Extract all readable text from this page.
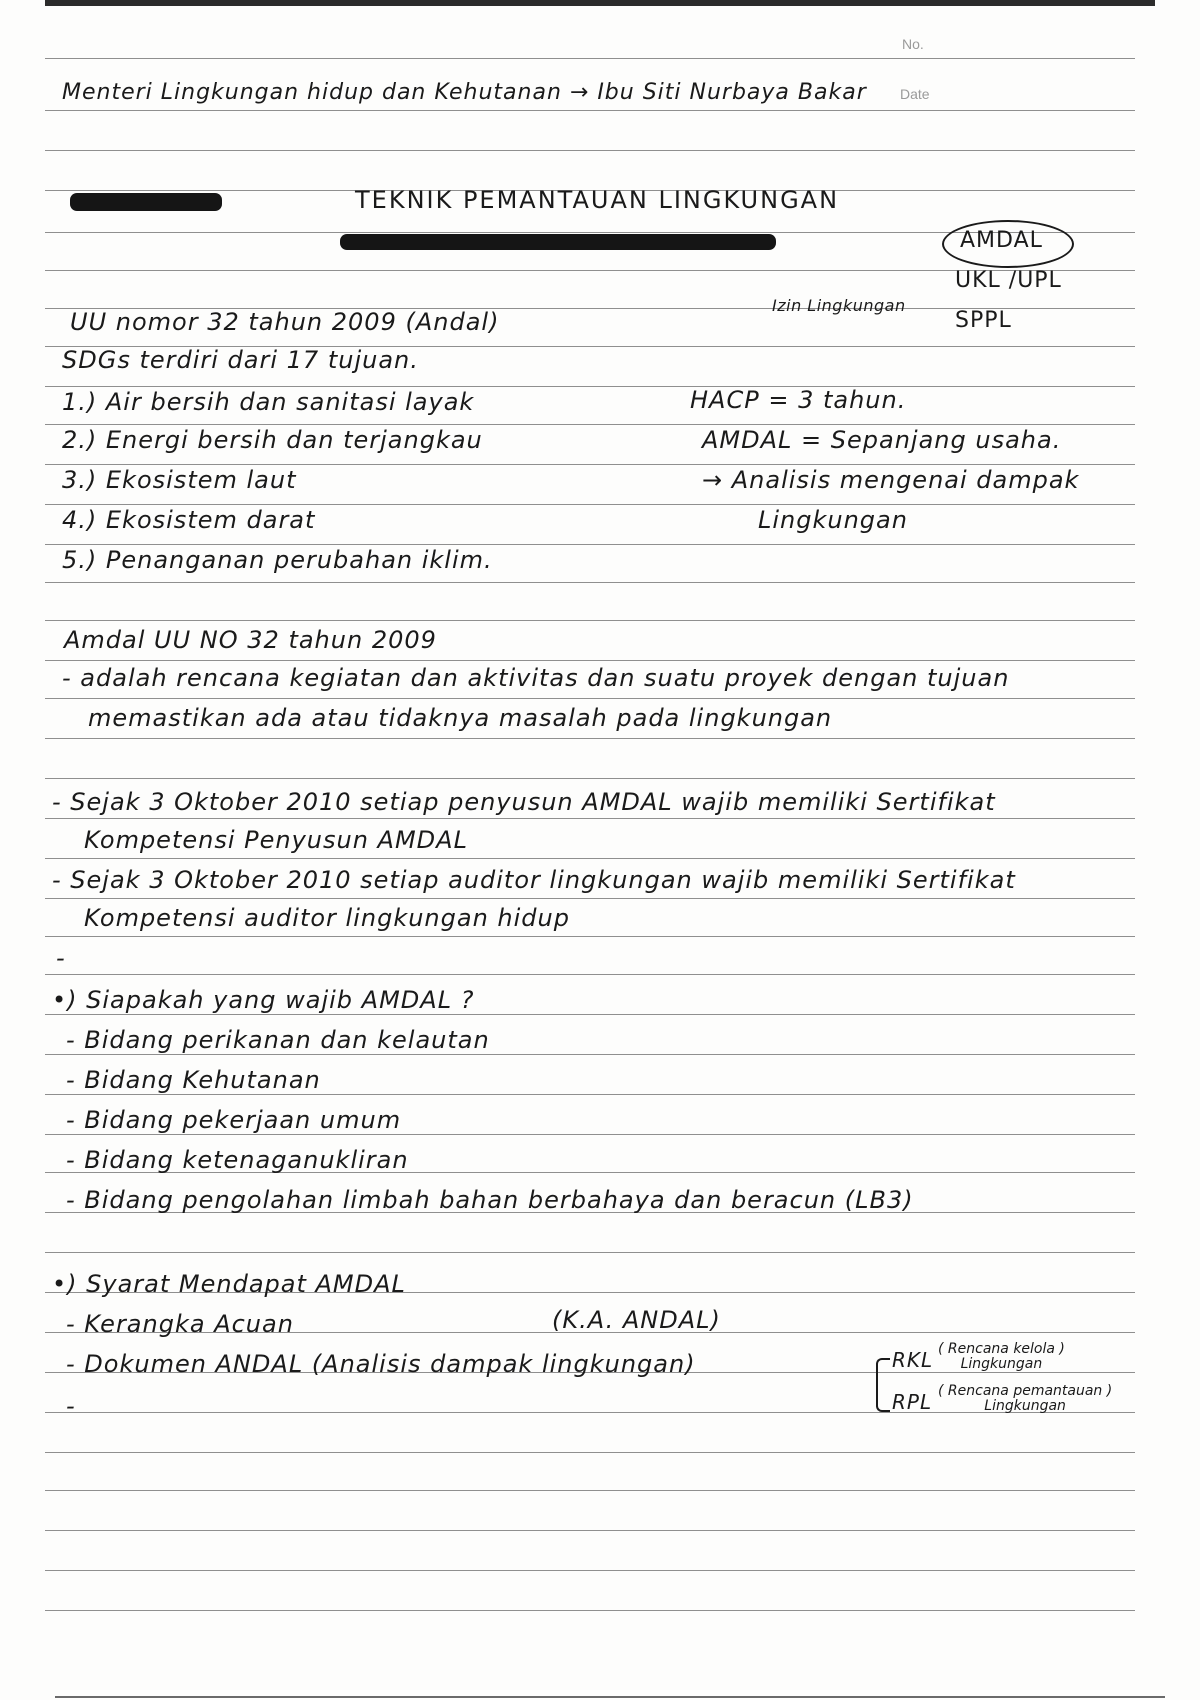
No.
Menteri Lingkungan hidup dan Kehutanan → Ibu Siti Nurbaya Bakar Date
TEKNIK PEMANTAUAN LINGKUNGAN
AMDAL
UKL /UPL
Izin Lingkungan
SPPL
UU nomor 32 tahun 2009 (Andal)
SDGs terdiri dari 17 tujuan.
1.) Air bersih dan sanitasi layak
2.) Energi bersih dan terjangkau
3.) Ekosistem laut
4.) Ekosistem darat
5.) Penanganan perubahan iklim.
HACP = 3 tahun.
AMDAL = Sepanjang usaha.
→ Analisis mengenai dampak
Lingkungan
Amdal UU NO 32 tahun 2009
- adalah rencana kegiatan dan aktivitas dan suatu proyek dengan tujuan
memastikan ada atau tidaknya masalah pada lingkungan
- Sejak 3 Oktober 2010 setiap penyusun AMDAL wajib memiliki Sertifikat
Kompetensi Penyusun AMDAL
- Sejak 3 Oktober 2010 setiap auditor lingkungan wajib memiliki Sertifikat
Kompetensi auditor lingkungan hidup
-
•) Siapakah yang wajib AMDAL ?
- Bidang perikanan dan kelautan
- Bidang Kehutanan
- Bidang pekerjaan umum
- Bidang ketenaganukliran
- Bidang pengolahan limbah bahan berbahaya dan beracun (LB3)
•) Syarat Mendapat AMDAL
- Kerangka Acuan	(K.A. ANDAL)
- Dokumen ANDAL (Analisis dampak lingkungan)
-
RKL ( Rencana kelola )
Lingkungan
RPL ( Rencana pemantauan )
Lingkungan
